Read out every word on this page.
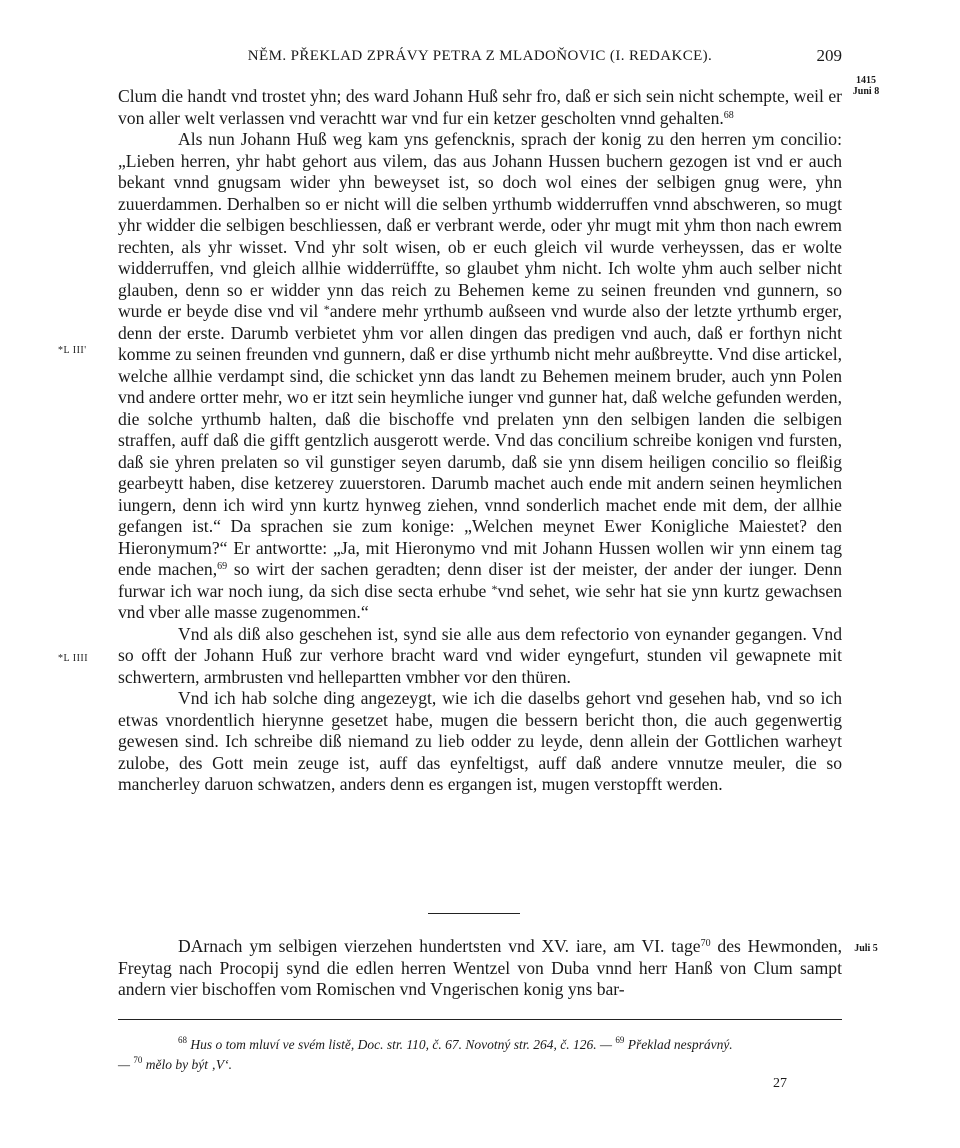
NĚM. PŘEKLAD ZPRÁVY PETRA Z MLADOŇOVIC (I. REDAKCE).	209
1415
Juni 8
*L III'
*L IIII
Juli 5

Clum die handt vnd trostet yhn; des ward Johann Huß sehr fro, daß er sich sein nicht schempte, weil er von aller welt verlassen vnd verachtt war vnd fur ein ketzer gescholten vnnd gehalten.$^{68}$

Als nun Johann Huß weg kam yns gefencknis, sprach der konig zu den herren ym concilio: „Lieben herren, yhr habt gehort aus vilem, das aus Johann Hussen buchern gezogen ist vnd er auch bekant vnnd gnugsam wider yhn beweyset ist, so doch wol eines der selbigen gnug were, yhn zuuerdammen. Derhalben so er nicht will die selben yrthumb widderruffen vnnd abschweren, so mugt yhr widder die selbigen beschliessen, daß er verbrant werde, oder yhr mugt mit yhm thon nach ewrem rechten, als yhr wisset. Vnd yhr solt wisen, ob er euch gleich vil wurde verheyssen, das er wolte widderruffen, vnd gleich allhie widderrüffte, so glaubet yhm nicht. Ich wolte yhm auch selber nicht glauben, denn so er widder ynn das reich zu Behemen keme zu seinen freunden vnd gunnern, so wurde er beyde dise vnd vil *andere mehr yrthumb außseen vnd wurde also der letzte yrthumb erger, denn der erste. Darumb verbietet yhm vor allen dingen das predigen vnd auch, daß er forthyn nicht komme zu seinen freunden vnd gunnern, daß er dise yrthumb nicht mehr außbreytte. Vnd dise artickel, welche allhie verdampt sind, die schicket ynn das landt zu Behemen meinem bruder, auch ynn Polen vnd andere ortter mehr, wo er itzt sein heymliche iunger vnd gunner hat, daß welche gefunden werden, die solche yrthumb halten, daß die bischoffe vnd prelaten ynn den selbigen landen die selbigen straffen, auff daß die gifft gentzlich ausgerott werde. Vnd das concilium schreibe konigen vnd fursten, daß sie yhren prelaten so vil gunstiger seyen darumb, daß sie ynn disem heiligen concilio so fleißig gearbeytt haben, dise ketzerey zuuerstoren. Darumb machet auch ende mit andern seinen heymlichen iungern, denn ich wird ynn kurtz hynweg ziehen, vnnd sonderlich machet ende mit dem, der allhie gefangen ist.“ Da sprachen sie zum konige: „Welchen meynet Ewer Konigliche Maiestet? den Hieronymum?“ Er antwortte: „Ja, mit Hieronymo vnd mit Johann Hussen wollen wir ynn einem tag ende machen,$^{69}$ so wirt der sachen geradten; denn diser ist der meister, der ander der iunger. Denn furwar ich war noch iung, da sich dise secta erhube *vnd sehet, wie sehr hat sie ynn kurtz gewachsen vnd vber alle masse zugenommen.“

Vnd als diß also geschehen ist, synd sie alle aus dem refectorio von eynander gegangen. Vnd so offt der Johann Huß zur verhore bracht ward vnd wider eyngefurt, stunden vil gewapnete mit schwertern, armbrusten vnd hellepartten vmbher vor den thüren.

Vnd ich hab solche ding angezeygt, wie ich die daselbs gehort vnd gesehen hab, vnd so ich etwas vnordentlich hierynne gesetzet habe, mugen die bessern bericht thon, die auch gegenwertig gewesen sind. Ich schreibe diß niemand zu lieb odder zu leyde, denn allein der Gottlichen warheyt zulobe, des Gott mein zeuge ist, auff das eynfeltigst, auff daß andere vnnutze meuler, die so mancherley daruon schwatzen, anders denn es ergangen ist, mugen verstopfft werden.

DArnach ym selbigen vierzehen hundertsten vnd XV. iare, am VI. tage$^{70}$ des Hewmonden, Freytag nach Procopij synd die edlen herren Wentzel von Duba vnnd herr Hanß von Clum sampt andern vier bischoffen vom Romischen vnd Vngerischen konig yns bar-

$^{68}$ Hus o tom mluví ve svém listě, Doc. str. 110, č. 67. Novotný str. 264, č. 126. — $^{69}$ Překlad nesprávný.

— $^{70}$ mělo by být ‚V‘.

27
